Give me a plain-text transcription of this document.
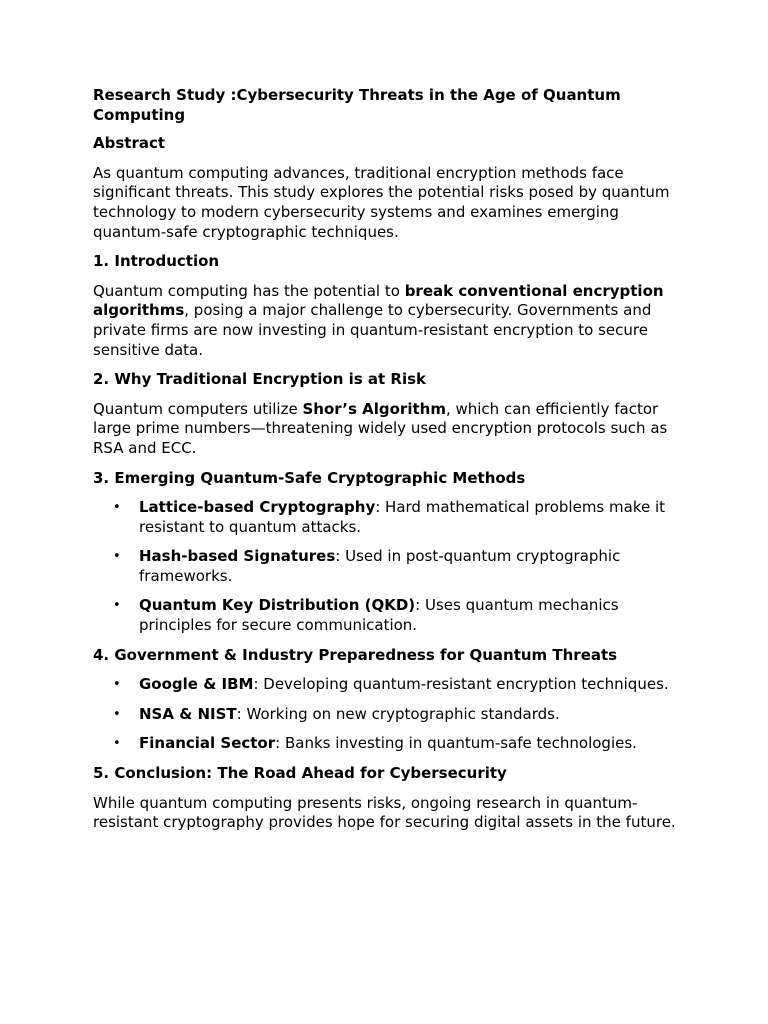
Research Study :Cybersecurity Threats in the Age of Quantum Computing
Abstract

As quantum computing advances, traditional encryption methods face significant threats. This study explores the potential risks posed by quantum technology to modern cybersecurity systems and examines emerging quantum-safe cryptographic techniques.

1. Introduction

Quantum computing has the potential to break conventional encryption algorithms, posing a major challenge to cybersecurity. Governments and private firms are now investing in quantum-resistant encryption to secure sensitive data.

2. Why Traditional Encryption is at Risk

Quantum computers utilize Shor’s Algorithm, which can efficiently factor large prime numbers—threatening widely used encryption protocols such as RSA and ECC.

3. Emerging Quantum-Safe Cryptographic Methods
• Lattice-based Cryptography: Hard mathematical problems make it resistant to quantum attacks.
• Hash-based Signatures: Used in post-quantum cryptographic frameworks.
• Quantum Key Distribution (QKD): Uses quantum mechanics principles for secure communication.
4. Government & Industry Preparedness for Quantum Threats
• Google & IBM: Developing quantum-resistant encryption techniques.
• NSA & NIST: Working on new cryptographic standards.
• Financial Sector: Banks investing in quantum-safe technologies.
5. Conclusion: The Road Ahead for Cybersecurity

While quantum computing presents risks, ongoing research in quantum-resistant cryptography provides hope for securing digital assets in the future.
